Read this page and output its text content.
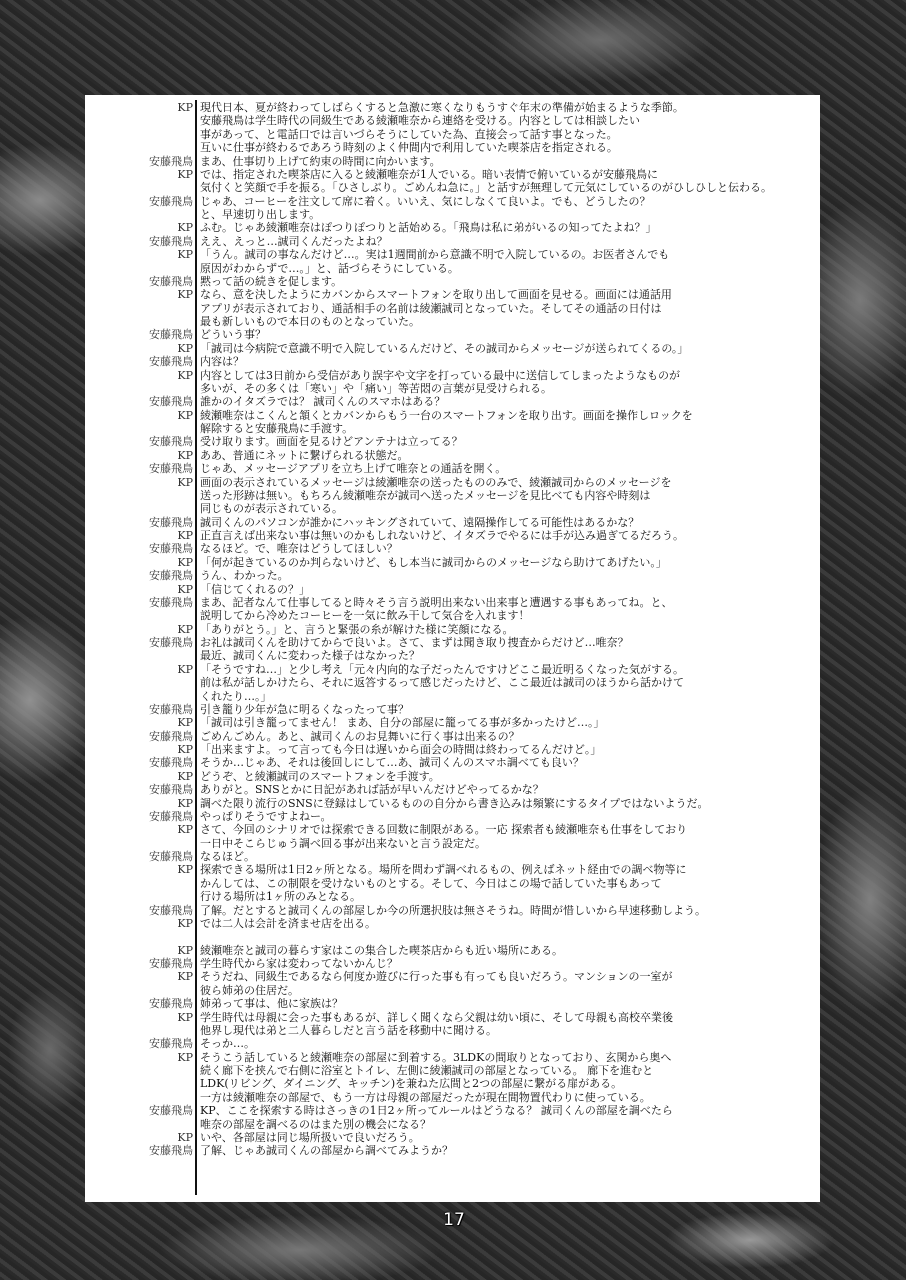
KP 現代日本、夏が終わってしばらくすると急激に寒くなりもうすぐ年末の準備が始まるような季節。
安藤飛鳥は学生時代の同級生である綾瀬唯奈から連絡を受ける。内容としては相談したい
事があって、と電話口では言いづらそうにしていた為、直接会って話す事となった。
互いに仕事が終わるであろう時刻のよく仲間内で利用していた喫茶店を指定される。
安藤飛鳥 まあ、仕事切り上げて約束の時間に向かいます。
KP では、指定された喫茶店に入ると綾瀬唯奈が1人でいる。暗い表情で俯いているが安藤飛鳥に
気付くと笑顔で手を振る。「ひさしぶり。ごめんね急に。」と話すが無理して元気にしているのがひしひしと伝わる。
安藤飛鳥 じゃあ、コーヒーを注文して席に着く。いいえ、気にしなくて良いよ。でも、どうしたの？
と、早速切り出します。
KP ふむ。じゃあ綾瀬唯奈はぽつりぽつりと話始める。「飛鳥は私に弟がいるの知ってたよね？」
安藤飛鳥 ええ、えっと…誠司くんだったよね？
KP 「うん。誠司の事なんだけど…。実は1週間前から意識不明で入院しているの。お医者さんでも
原因がわからずで…。」と、話づらそうにしている。
安藤飛鳥 黙って話の続きを促します。
KP なら、意を決したようにカバンからスマートフォンを取り出して画面を見せる。画面には通話用
アプリが表示されており、通話相手の名前は綾瀬誠司となっていた。そしてその通話の日付は
最も新しいもので本日のものとなっていた。
安藤飛鳥 どういう事？
KP 「誠司は今病院で意識不明で入院しているんだけど、その誠司からメッセージが送られてくるの。」
安藤飛鳥 内容は？
KP 内容としては3日前から受信があり誤字や文字を打っている最中に送信してしまったようなものが
多いが、その多くは「寒い」や「痛い」等苦悶の言葉が見受けられる。
安藤飛鳥 誰かのイタズラでは？ 誠司くんのスマホはある？
KP 綾瀬唯奈はこくんと頷くとカバンからもう一台のスマートフォンを取り出す。画面を操作しロックを
解除すると安藤飛鳥に手渡す。
安藤飛鳥 受け取ります。画面を見るけどアンテナは立ってる？
KP ああ、普通にネットに繋げられる状態だ。
安藤飛鳥 じゃあ、メッセージアプリを立ち上げて唯奈との通話を開く。
KP 画面の表示されているメッセージは綾瀬唯奈の送ったもののみで、綾瀬誠司からのメッセージを
送った形跡は無い。もちろん綾瀬唯奈が誠司へ送ったメッセージを見比べても内容や時刻は
同じものが表示されている。
安藤飛鳥 誠司くんのパソコンが誰かにハッキングされていて、遠隔操作してる可能性はあるかな？
KP 正直言えば出来ない事は無いのかもしれないけど、イタズラでやるには手が込み過ぎてるだろう。
安藤飛鳥 なるほど。で、唯奈はどうしてほしい？
KP 「何が起きているのか判らないけど、もし本当に誠司からのメッセージなら助けてあげたい。」
安藤飛鳥 うん、わかった。
KP 「信じてくれるの？」
安藤飛鳥 まあ、記者なんて仕事してると時々そう言う説明出来ない出来事と遭遇する事もあってね。と、
説明してから冷めたコーヒーを一気に飲み干して気合を入れます！
KP 「ありがとう。」と、言うと緊張の糸が解けた様に笑顔になる。
安藤飛鳥 お礼は誠司くんを助けてからで良いよ。さて、まずは聞き取り捜査からだけど…唯奈？
最近、誠司くんに変わった様子はなかった？
KP 「そうですね…」と少し考え「元々内向的な子だったんですけどここ最近明るくなった気がする。
前は私が話しかけたら、それに返答するって感じだったけど、ここ最近は誠司のほうから話かけて
くれたり…。」
安藤飛鳥 引き籠り少年が急に明るくなったって事？
KP 「誠司は引き籠ってません！ まあ、自分の部屋に籠ってる事が多かったけど…。」
安藤飛鳥 ごめんごめん。あと、誠司くんのお見舞いに行く事は出来るの？
KP 「出来ますよ。って言っても今日は遅いから面会の時間は終わってるんだけど。」
安藤飛鳥 そうか…じゃあ、それは後回しにして…あ、誠司くんのスマホ調べても良い？
KP どうぞ、と綾瀬誠司のスマートフォンを手渡す。
安藤飛鳥 ありがと。SNSとかに日記があれば話が早いんだけどやってるかな？
KP 調べた限り流行のSNSに登録はしているものの自分から書き込みは頻繁にするタイプではないようだ。
安藤飛鳥 やっぱりそうですよねー。
KP さて、今回のシナリオでは探索できる回数に制限がある。一応 探索者も綾瀬唯奈も仕事をしており
一日中そこらじゅう調べ回る事が出来ないと言う設定だ。
安藤飛鳥 なるほど。
KP 探索できる場所は1日2ヶ所となる。場所を問わず調べれるもの、例えばネット経由での調べ物等に
かんしては、この制限を受けないものとする。そして、今日はこの場で話していた事もあって
行ける場所は1ヶ所のみとなる。
安藤飛鳥 了解。だとすると誠司くんの部屋しか今の所選択肢は無さそうね。時間が惜しいから早速移動しよう。
KP では二人は会計を済ませ店を出る。
KP 綾瀬唯奈と誠司の暮らす家はこの集合した喫茶店からも近い場所にある。
安藤飛鳥 学生時代から家は変わってないかんじ？
KP そうだね、同級生であるなら何度か遊びに行った事も有っても良いだろう。マンションの一室が
彼ら姉弟の住居だ。
安藤飛鳥 姉弟って事は、他に家族は？
KP 学生時代は母親に会った事もあるが、詳しく聞くなら父親は幼い頃に、そして母親も高校卒業後
他界し現代は弟と二人暮らしだと言う話を移動中に聞ける。
安藤飛鳥 そっか…。
KP そうこう話していると綾瀬唯奈の部屋に到着する。3LDKの間取りとなっており、玄関から奥へ
続く廊下を挟んで右側に浴室とトイレ、左側に綾瀬誠司の部屋となっている。 廊下を進むと
LDK(リビング、ダイニング、キッチン)を兼ねた広間と2つの部屋に繋がる扉がある。
一方は綾瀬唯奈の部屋で、もう一方は母親の部屋だったが現在間物置代わりに使っている。
安藤飛鳥 KP、ここを探索する時はさっきの1日2ヶ所ってルールはどうなる？ 誠司くんの部屋を調べたら
唯奈の部屋を調べるのはまた別の機会になる？
KP いや、各部屋は同じ場所扱いで良いだろう。
安藤飛鳥 了解、じゃあ誠司くんの部屋から調べてみようか？
17
